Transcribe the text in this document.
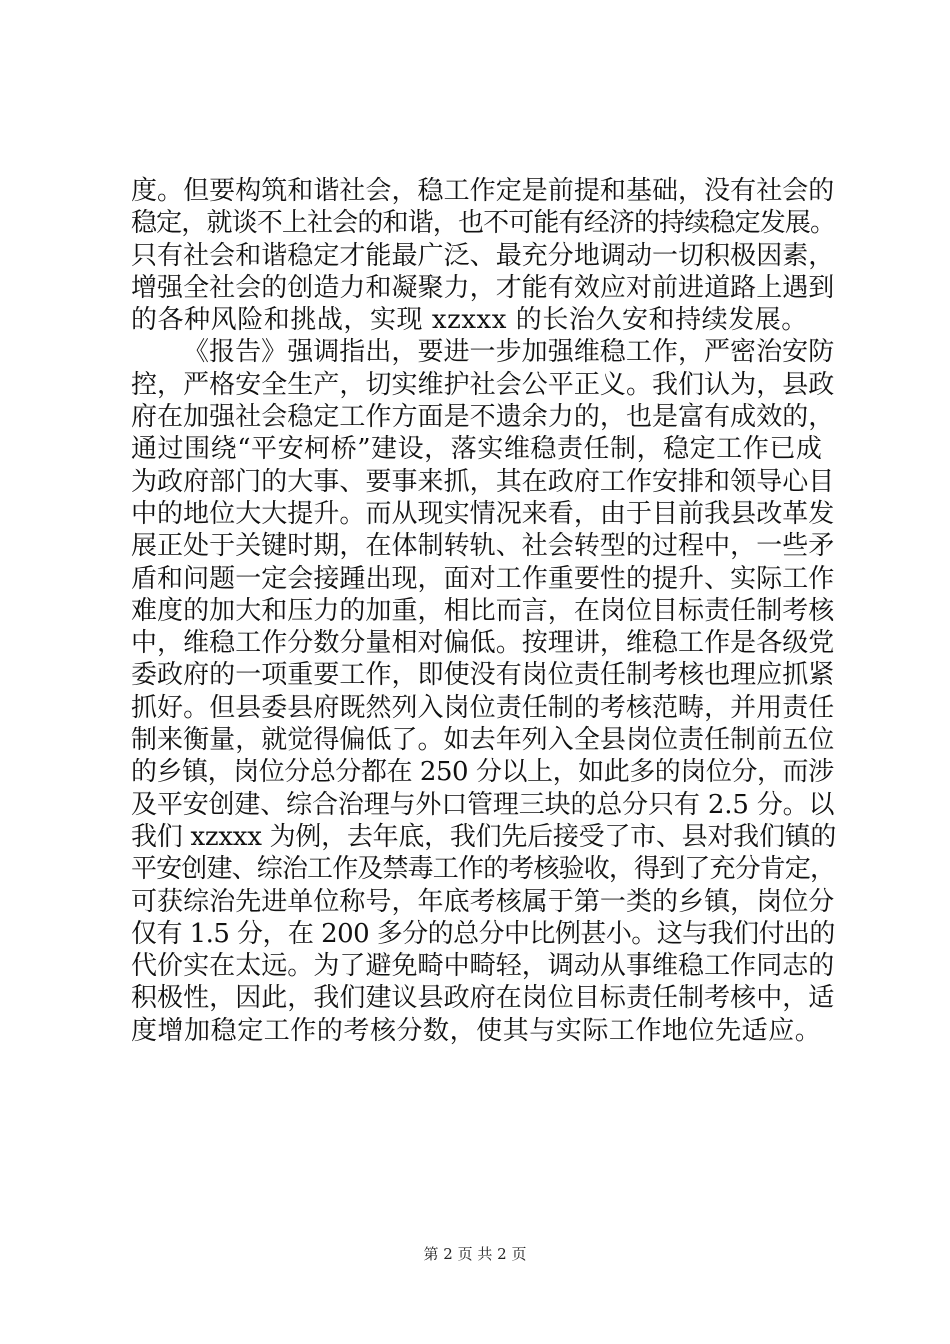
度。但要构筑和谐社会，稳工作定是前提和基础，没有社会的
稳定，就谈不上社会的和谐，也不可能有经济的持续稳定发展。
只有社会和谐稳定才能最广泛、最充分地调动一切积极因素，
增强全社会的创造力和凝聚力，才能有效应对前进道路上遇到
的各种风险和挑战，实现 xzxxx 的长治久安和持续发展。
《报告》强调指出，要进一步加强维稳工作，严密治安防
控，严格安全生产，切实维护社会公平正义。我们认为，县政
府在加强社会稳定工作方面是不遗余力的，也是富有成效的，
通过围绕“平安柯桥”建设，落实维稳责任制，稳定工作已成
为政府部门的大事、要事来抓，其在政府工作安排和领导心目
中的地位大大提升。而从现实情况来看，由于目前我县改革发
展正处于关键时期，在体制转轨、社会转型的过程中，一些矛
盾和问题一定会接踵出现，面对工作重要性的提升、实际工作
难度的加大和压力的加重，相比而言，在岗位目标责任制考核
中，维稳工作分数分量相对偏低。按理讲，维稳工作是各级党
委政府的一项重要工作，即使没有岗位责任制考核也理应抓紧
抓好。但县委县府既然列入岗位责任制的考核范畴，并用责任
制来衡量，就觉得偏低了。如去年列入全县岗位责任制前五位
的乡镇，岗位分总分都在 250 分以上，如此多的岗位分，而涉
及平安创建、综合治理与外口管理三块的总分只有 2.5 分。以
我们 xzxxx 为例，去年底，我们先后接受了市、县对我们镇的
平安创建、综治工作及禁毒工作的考核验收，得到了充分肯定，
可获综治先进单位称号，年底考核属于第一类的乡镇，岗位分
仅有 1.5 分，在 200 多分的总分中比例甚小。这与我们付出的
代价实在太远。为了避免畸中畸轻，调动从事维稳工作同志的
积极性，因此，我们建议县政府在岗位目标责任制考核中，适
度增加稳定工作的考核分数，使其与实际工作地位先适应。
第 2 页 共 2 页
